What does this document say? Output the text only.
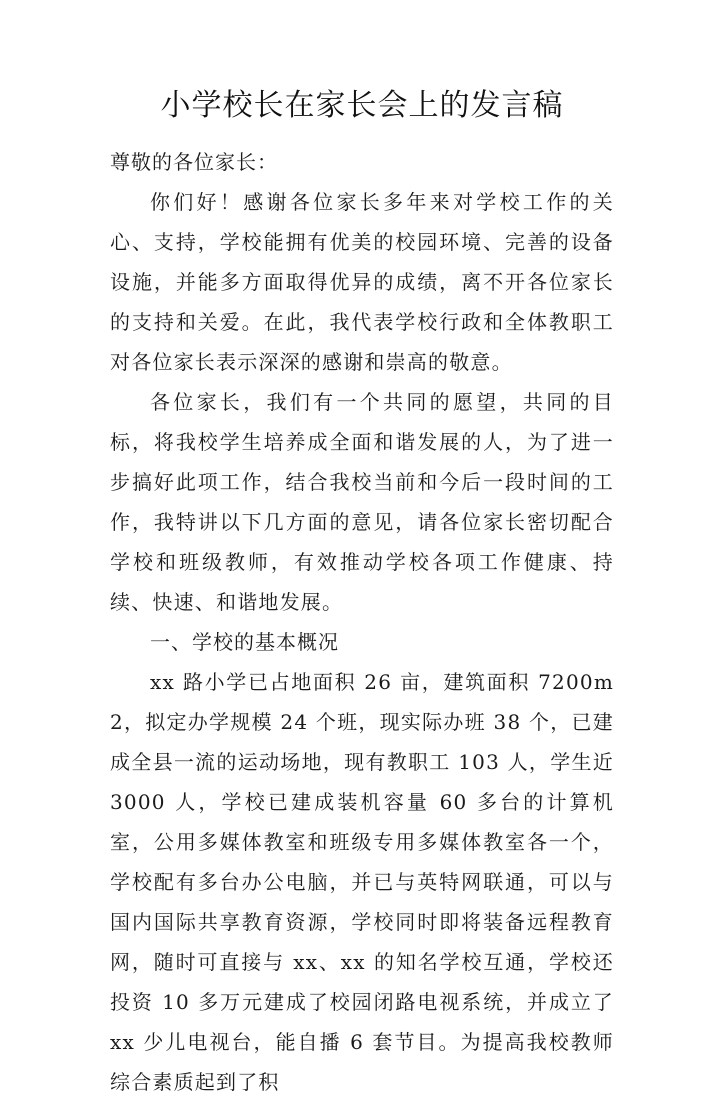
小学校长在家长会上的发言稿

尊敬的各位家长：

你们好！感谢各位家长多年来对学校工作的关心、支持，学校能拥有优美的校园环境、完善的设备设施，并能多方面取得优异的成绩，离不开各位家长的支持和关爱。在此，我代表学校行政和全体教职工对各位家长表示深深的感谢和崇高的敬意。

各位家长，我们有一个共同的愿望，共同的目标，将我校学生培养成全面和谐发展的人，为了进一步搞好此项工作，结合我校当前和今后一段时间的工作，我特讲以下几方面的意见，请各位家长密切配合学校和班级教师，有效推动学校各项工作健康、持续、快速、和谐地发展。

一、学校的基本概况

xx 路小学已占地面积 26 亩，建筑面积 7200m2，拟定办学规模 24 个班，现实际办班 38 个，已建成全县一流的运动场地，现有教职工 103 人，学生近 3000 人，学校已建成装机容量 60 多台的计算机室，公用多媒体教室和班级专用多媒体教室各一个，学校配有多台办公电脑，并已与英特网联通，可以与国内国际共享教育资源，学校同时即将装备远程教育网，随时可直接与 xx、xx 的知名学校互通，学校还投资 10 多万元建成了校园闭路电视系统，并成立了 xx 少儿电视台，能自播 6 套节目。为提高我校教师综合素质起到了积
